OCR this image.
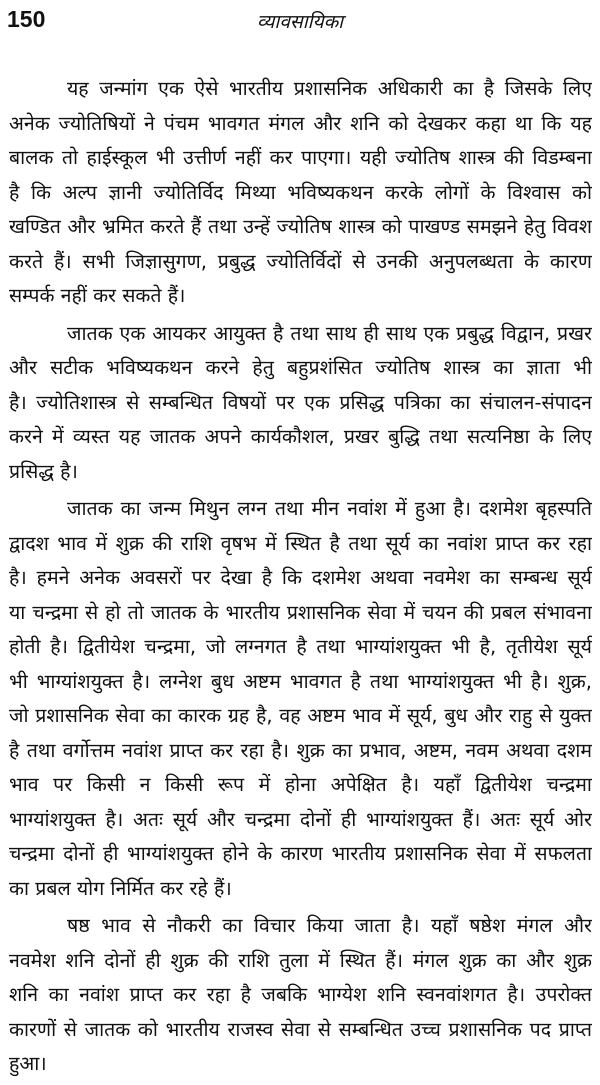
150	व्यावसायिका
यह जन्मांग एक ऐसे भारतीय प्रशासनिक अधिकारी का है जिसके लिए
अनेक ज्योतिषियों ने पंचम भावगत मंगल और शनि को देखकर कहा था कि यह
बालक तो हाईस्कूल भी उत्तीर्ण नहीं कर पाएगा। यही ज्योतिष शास्त्र की विडम्बना
है कि अल्प ज्ञानी ज्योतिर्विद मिथ्या भविष्यकथन करके लोगों के विश्वास को
खण्डित और भ्रमित करते हैं तथा उन्हें ज्योतिष शास्त्र को पाखण्ड समझने हेतु विवश
करते हैं। सभी जिज्ञासुगण, प्रबुद्ध ज्योतिर्विदों से उनकी अनुपलब्धता के कारण
सम्पर्क नहीं कर सकते हैं।
जातक एक आयकर आयुक्त है तथा साथ ही साथ एक प्रबुद्ध विद्वान, प्रखर
और सटीक भविष्यकथन करने हेतु बहुप्रशंसित ज्योतिष शास्त्र का ज्ञाता भी
है। ज्योतिशास्त्र से सम्बन्धित विषयों पर एक प्रसिद्ध पत्रिका का संचालन-संपादन
करने में व्यस्त यह जातक अपने कार्यकौशल, प्रखर बुद्धि तथा सत्यनिष्ठा के लिए
प्रसिद्ध है।
जातक का जन्म मिथुन लग्न तथा मीन नवांश में हुआ है। दशमेश बृहस्पति
द्वादश भाव में शुक्र की राशि वृषभ में स्थित है तथा सूर्य का नवांश प्राप्त कर रहा
है। हमने अनेक अवसरों पर देखा है कि दशमेश अथवा नवमेश का सम्बन्ध सूर्य
या चन्द्रमा से हो तो जातक के भारतीय प्रशासनिक सेवा में चयन की प्रबल संभावना
होती है। द्वितीयेश चन्द्रमा, जो लग्नगत है तथा भाग्यांशयुक्त भी है, तृतीयेश सूर्य
भी भाग्यांशयुक्त है। लग्नेश बुध अष्टम भावगत है तथा भाग्यांशयुक्त भी है। शुक्र,
जो प्रशासनिक सेवा का कारक ग्रह है, वह अष्टम भाव में सूर्य, बुध और राहु से युक्त
है तथा वर्गोत्तम नवांश प्राप्त कर रहा है। शुक्र का प्रभाव, अष्टम, नवम अथवा दशम
भाव पर किसी न किसी रूप में होना अपेक्षित है। यहाँ द्वितीयेश चन्द्रमा
भाग्यांशयुक्त है। अतः सूर्य और चन्द्रमा दोनों ही भाग्यांशयुक्त हैं। अतः सूर्य ओर
चन्द्रमा दोनों ही भाग्यांशयुक्त होने के कारण भारतीय प्रशासनिक सेवा में सफलता
का प्रबल योग निर्मित कर रहे हैं।
षष्ठ भाव से नौकरी का विचार किया जाता है। यहाँ षष्ठेश मंगल और
नवमेश शनि दोनों ही शुक्र की राशि तुला में स्थित हैं। मंगल शुक्र का और शुक्र
शनि का नवांश प्राप्त कर रहा है जबकि भाग्येश शनि स्वनवांशगत है। उपरोक्त
कारणों से जातक को भारतीय राजस्व सेवा से सम्बन्धित उच्च प्रशासनिक पद प्राप्त
हुआ।
